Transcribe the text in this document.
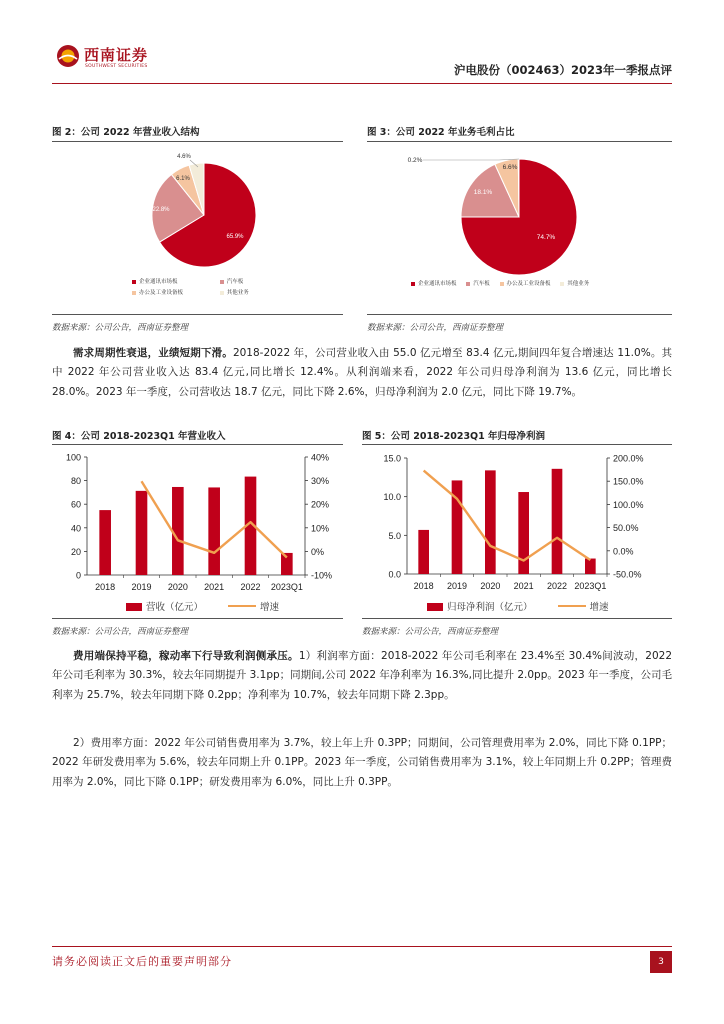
西南证券
SOUTHWEST SECURITIES	沪电股份（002463）2023年一季报点评
图 2：公司 2022 年营业收入结构
65.9%
22.8%
6.1%
4.6%
企业通讯市场板	汽车板
办公及工业设备板	其他业务
数据来源：公司公告，西南证券整理
图 3：公司 2022 年业务毛利占比
74.7%
18.1%
6.6%
0.2%
企业通讯市场板	汽车板	办公及工业设备板	其他业务
数据来源：公司公告，西南证券整理
需求周期性衰退，业绩短期下滑。2018-2022 年，公司营业收入由 55.0 亿元增至 83.4 亿元,期间四年复合增速达 11.0%。其中 2022 年公司营业收入达 83.4 亿元,同比增长 12.4%。从利润端来看，2022 年公司归母净利润为 13.6 亿元，同比增长 28.0%。2023 年一季度，公司营收达 18.7 亿元，同比下降 2.6%，归母净利润为 2.0 亿元，同比下降 19.7%。
图 4：公司 2018-2023Q1 年营业收入
0
20
40
60
80
100
-10%
0%
10%
20%
30%
40%
2018 2019 2020 2021 2022 2023Q1
营收（亿元）	增速
数据来源：公司公告，西南证券整理
图 5：公司 2018-2023Q1 年归母净利润
0.0
5.0
10.0
15.0
-50.0%
0.0%
50.0%
100.0%
150.0%
200.0%
2018 2019 2020 2021 2022 2023Q1
归母净利润（亿元）	增速
数据来源：公司公告，西南证券整理
费用端保持平稳，稼动率下行导致利润侧承压。1）利润率方面：2018-2022 年公司毛利率在 23.4%至 30.4%间波动，2022 年公司毛利率为 30.3%，较去年同期提升 3.1pp；同期间,公司 2022 年净利率为 16.3%,同比提升 2.0pp。2023 年一季度，公司毛利率为 25.7%，较去年同期下降 0.2pp；净利率为 10.7%，较去年同期下降 2.3pp。
2）费用率方面：2022 年公司销售费用率为 3.7%，较上年上升 0.3PP；同期间，公司管理费用率为 2.0%，同比下降 0.1PP；2022 年研发费用率为 5.6%，较去年同期上升 0.1PP。2023 年一季度，公司销售费用率为 3.1%，较上年同期上升 0.2PP；管理费用率为 2.0%，同比下降 0.1PP；研发费用率为 6.0%，同比上升 0.3PP。
请务必阅读正文后的重要声明部分	3
